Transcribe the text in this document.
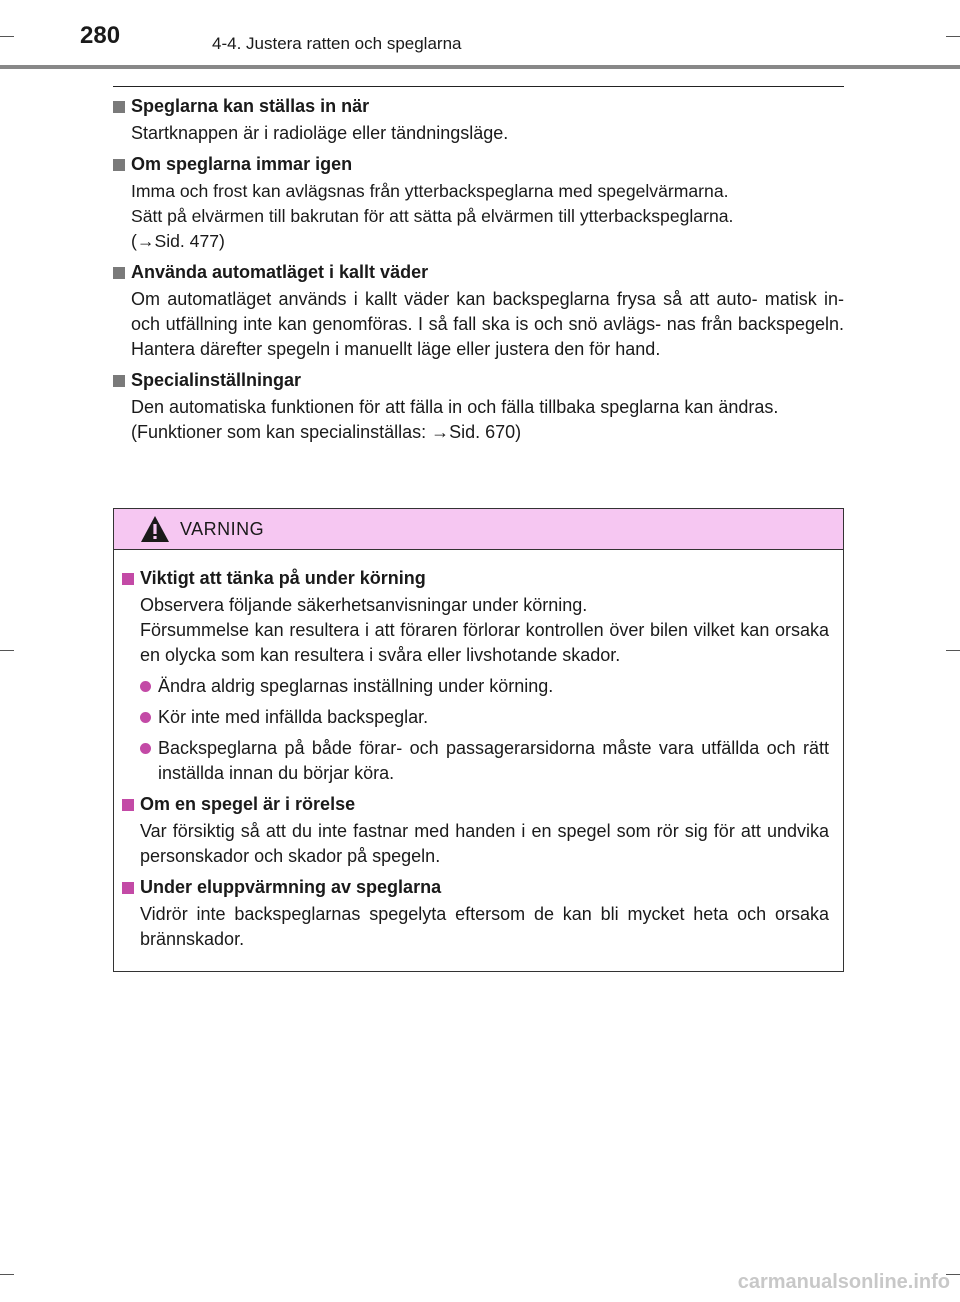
280	4-4. Justera ratten och speglarna
Speglarna kan ställas in när
Startknappen är i radioläge eller tändningsläge.
Om speglarna immar igen
Imma och frost kan avlägsnas från ytterbackspeglarna med spegelvärmarna.
Sätt på elvärmen till bakrutan för att sätta på elvärmen till ytterbackspeglarna.
(→Sid. 477)
Använda automatläget i kallt väder
Om automatläget används i kallt väder kan backspeglarna frysa så att auto- matisk in- och utfällning inte kan genomföras. I så fall ska is och snö avlägs- nas från backspegeln. Hantera därefter spegeln i manuellt läge eller justera den för hand.
Specialinställningar
Den automatiska funktionen för att fälla in och fälla tillbaka speglarna kan ändras.
(Funktioner som kan specialinställas: →Sid. 670)
VARNING
Viktigt att tänka på under körning
Observera följande säkerhetsanvisningar under körning.
Försummelse kan resultera i att föraren förlorar kontrollen över bilen vilket kan orsaka en olycka som kan resultera i svåra eller livshotande skador.
Ändra aldrig speglarnas inställning under körning.
Kör inte med infällda backspeglar.
Backspeglarna på både förar- och passagerarsidorna måste vara utfällda och rätt inställda innan du börjar köra.
Om en spegel är i rörelse
Var försiktig så att du inte fastnar med handen i en spegel som rör sig för att undvika personskador och skador på spegeln.
Under eluppvärmning av speglarna
Vidrör inte backspeglarnas spegelyta eftersom de kan bli mycket heta och orsaka brännskador.
carmanualsonline.info
